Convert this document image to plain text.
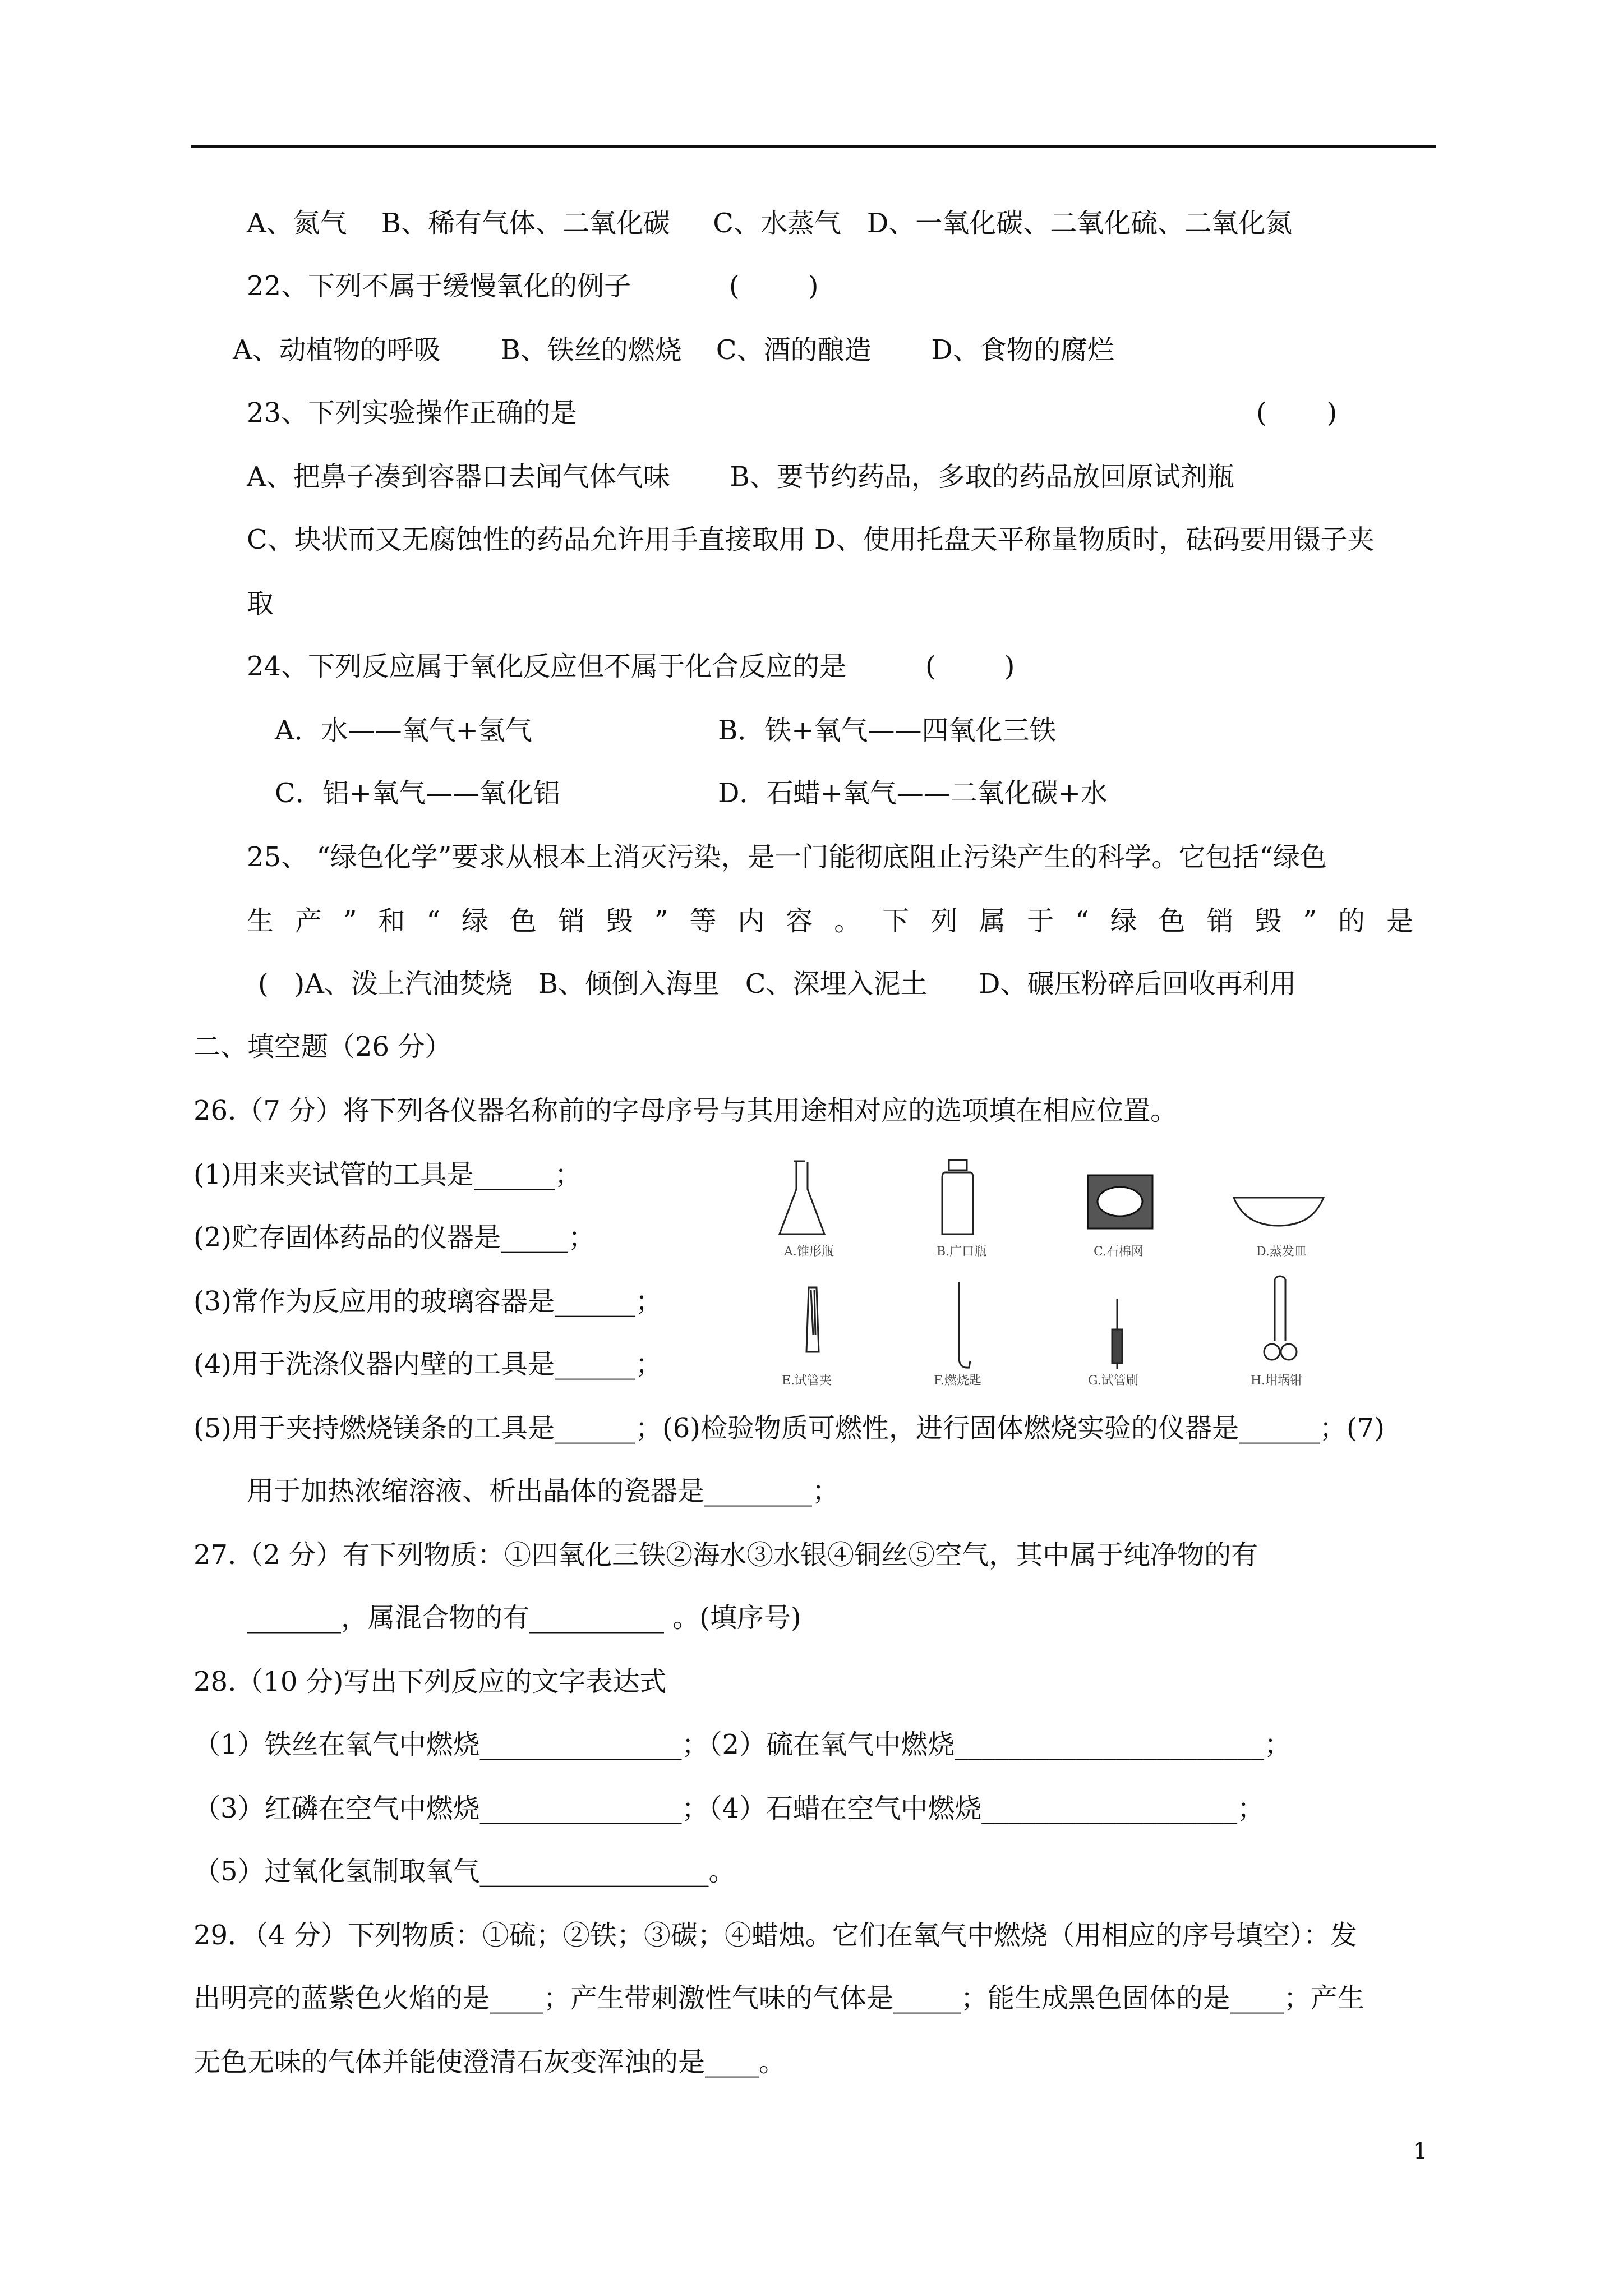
A、氮气    B、稀有气体、二氧化碳     C、水蒸气   D、一氧化碳、二氧化硫、二氧化氮
22、下列不属于缓慢氧化的例子	(        )
A、动植物的呼吸       B、铁丝的燃烧    C、酒的酿造       D、食物的腐烂
23、下列实验操作正确的是	(       )
A、把鼻子凑到容器口去闻气体气味       B、要节约药品，多取的药品放回原试剂瓶
C、块状而又无腐蚀性的药品允许用手直接取用 D、使用托盘天平称量物质时，砝码要用镊子夹
取
24、下列反应属于氧化反应但不属于化合反应的是	(        )
A．水——氧气+氢气	B．铁+氧气——四氧化三铁
C．铝+氧气——氧化铝	D．石蜡+氧气——二氧化碳+水
25、 “绿色化学”要求从根本上消灭污染，是一门能彻底阻止污染产生的科学。它包括“绿色
生产”和“绿色销毁”等内容。下列属于“绿色销毁”的是
(   )A、泼上汽油焚烧   B、倾倒入海里   C、深埋入泥土      D、碾压粉碎后回收再利用
二、填空题（26 分）
26.（7 分）将下列各仪器名称前的字母序号与其用途相对应的选项填在相应位置。
(1)用来夹试管的工具是______；
(2)贮存固体药品的仪器是_____；
(3)常作为反应用的玻璃容器是______；
(4)用于洗涤仪器内壁的工具是______；
A.锥形瓶	B.广口瓶	C.石棉网	D.蒸发皿
E.试管夹	F.燃烧匙	G.试管刷	H.坩埚钳
(5)用于夹持燃烧镁条的工具是______；(6)检验物质可燃性，进行固体燃烧实验的仪器是______；(7)
用于加热浓缩溶液、析出晶体的瓷器是________；
27.（2 分）有下列物质：①四氧化三铁②海水③水银④铜丝⑤空气，其中属于纯净物的有
_______，属混合物的有__________ 。(填序号)
28.（10 分)写出下列反应的文字表达式
（1）铁丝在氧气中燃烧_______________；（2）硫在氧气中燃烧_______________________；
（3）红磷在空气中燃烧_______________；（4）石蜡在空气中燃烧___________________；
（5）过氧化氢制取氧气_________________。
29．（4 分）下列物质：①硫；②铁；③碳；④蜡烛。它们在氧气中燃烧（用相应的序号填空）：发
出明亮的蓝紫色火焰的是____；产生带刺激性气味的气体是_____；能生成黑色固体的是____；产生
无色无味的气体并能使澄清石灰变浑浊的是____。
1
